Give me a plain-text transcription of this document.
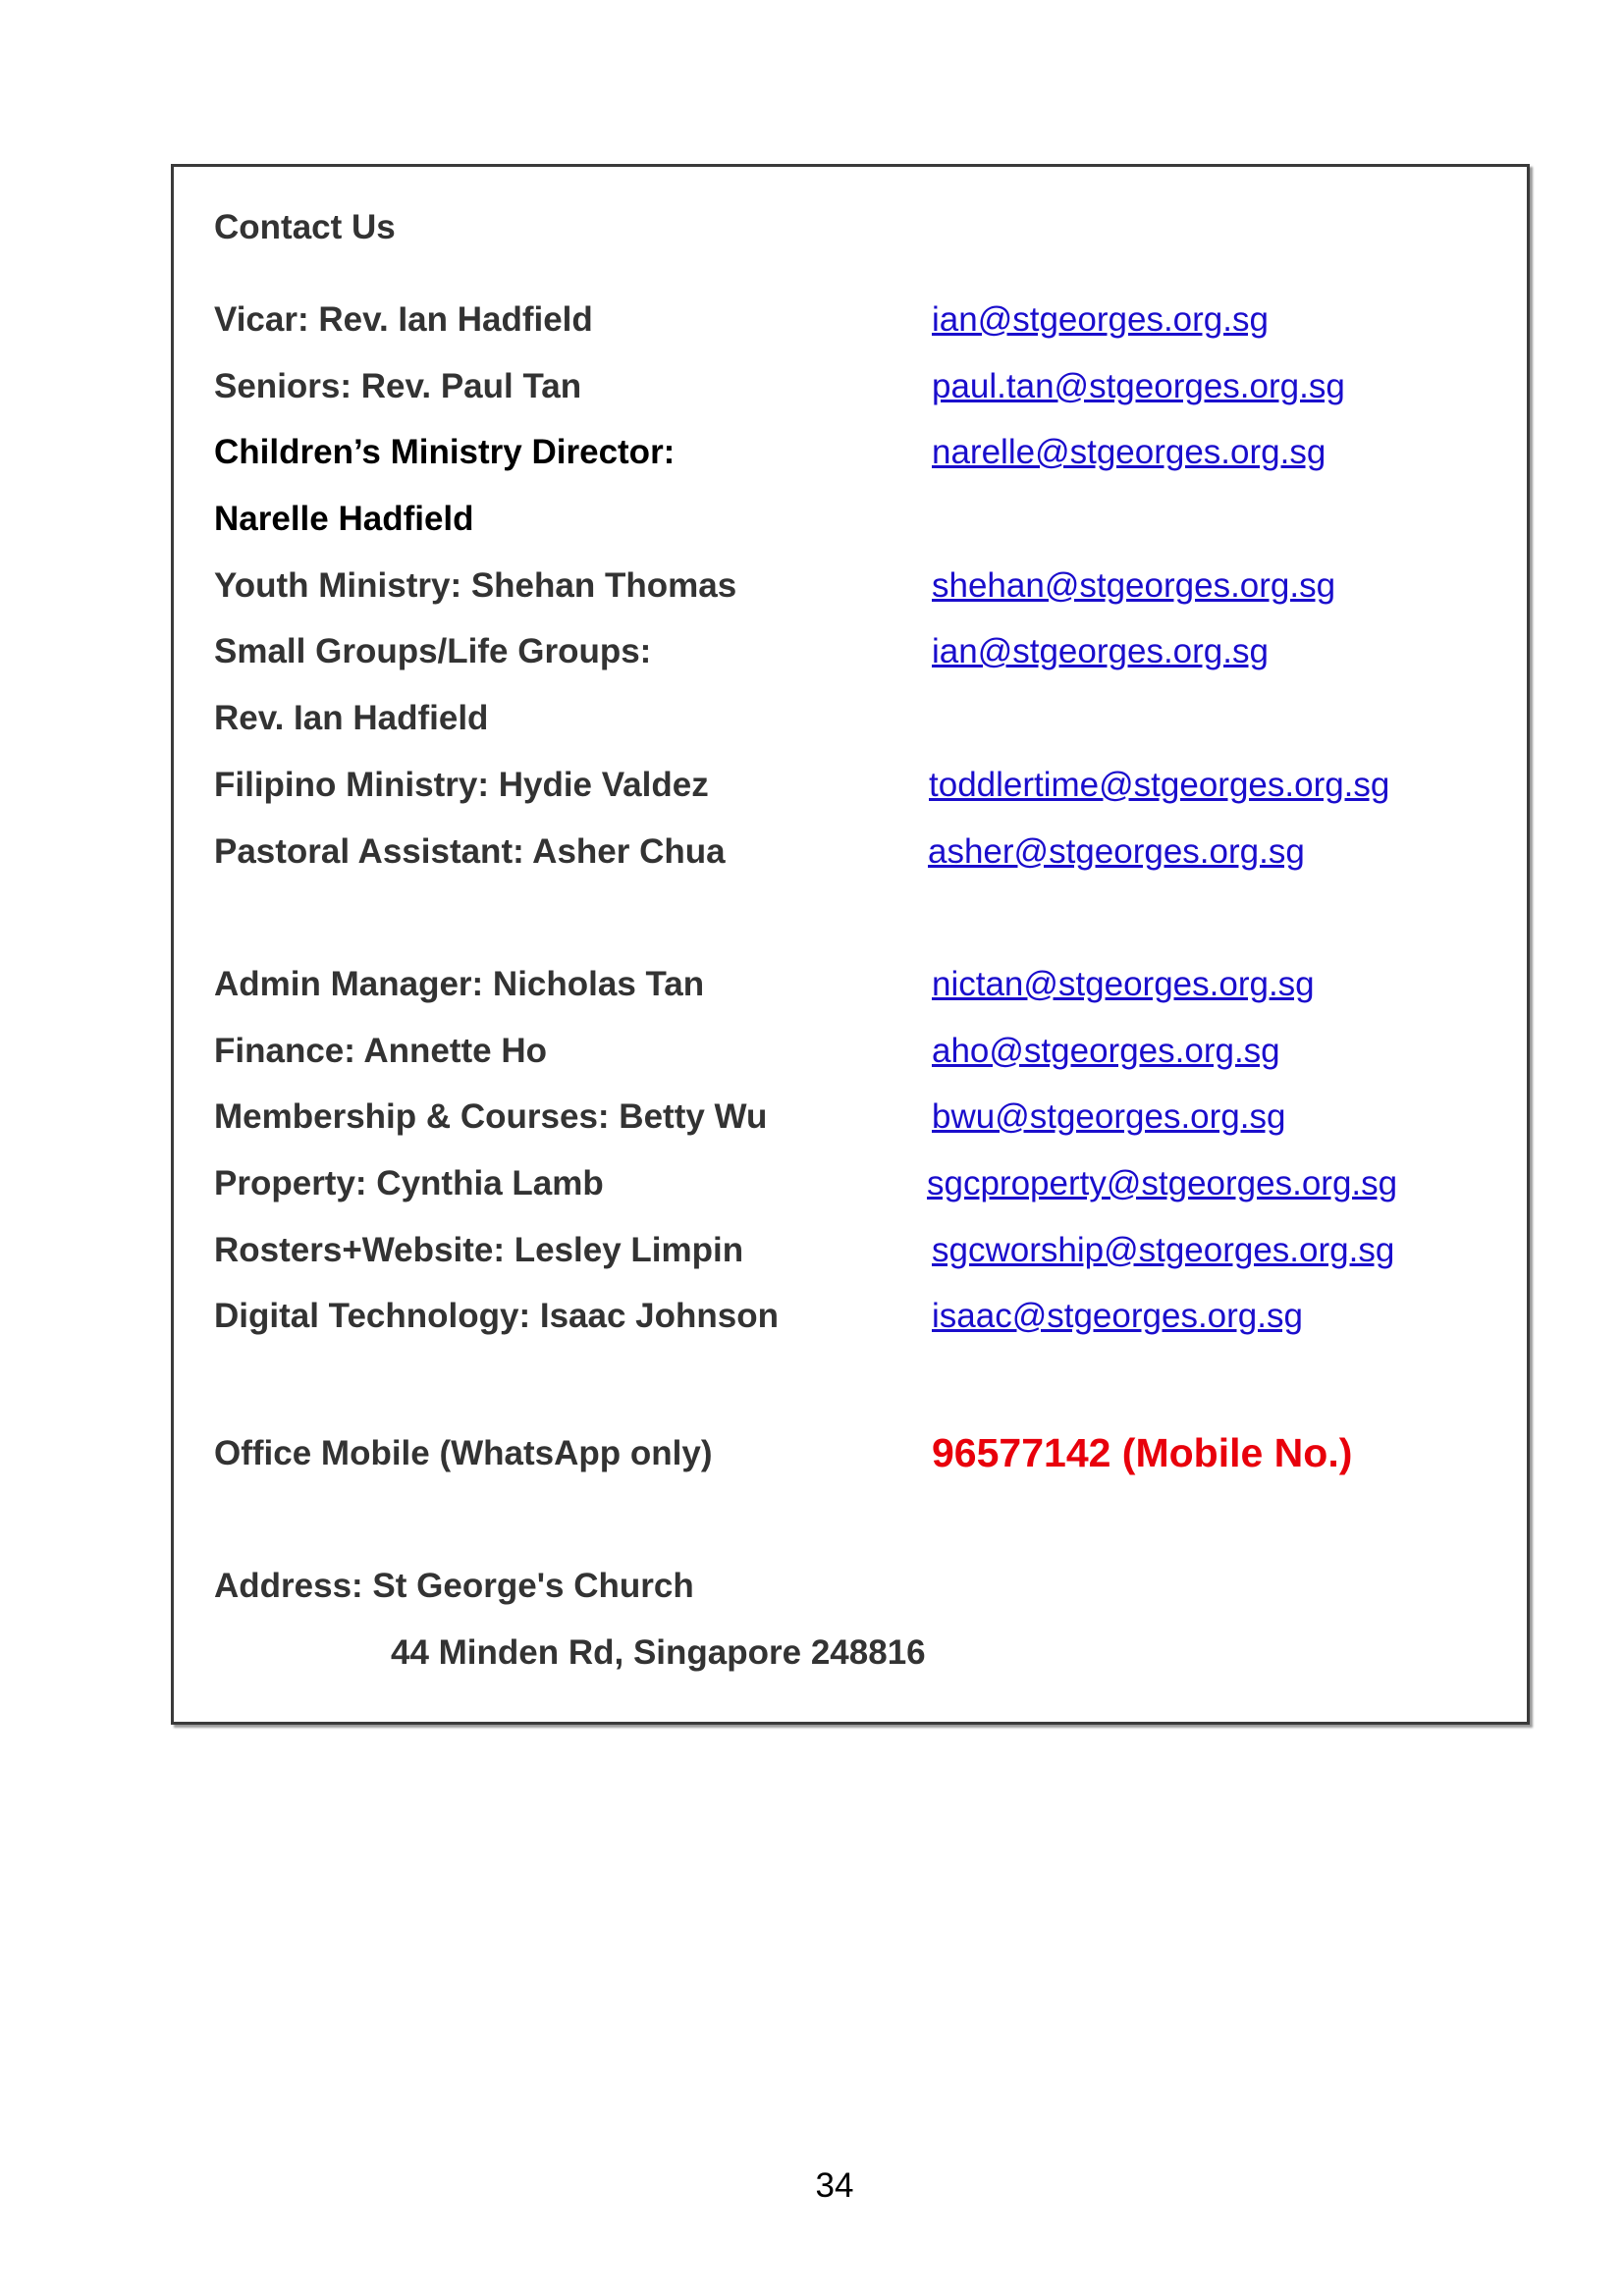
Contact Us
Vicar: Rev. Ian Hadfield	ian@stgeorges.org.sg
Seniors: Rev. Paul Tan	paul.tan@stgeorges.org.sg
Children’s Ministry Director:	narelle@stgeorges.org.sg
Narelle Hadfield
Youth Ministry: Shehan Thomas	shehan@stgeorges.org.sg
Small Groups/Life Groups:	ian@stgeorges.org.sg
Rev. Ian Hadfield
Filipino Ministry: Hydie Valdez	toddlertime@stgeorges.org.sg
Pastoral Assistant: Asher Chua	asher@stgeorges.org.sg
Admin Manager: Nicholas Tan	nictan@stgeorges.org.sg
Finance: Annette Ho	aho@stgeorges.org.sg
Membership & Courses: Betty Wu	bwu@stgeorges.org.sg
Property: Cynthia Lamb	sgcproperty@stgeorges.org.sg
Rosters+Website: Lesley Limpin	sgcworship@stgeorges.org.sg
Digital Technology: Isaac Johnson	isaac@stgeorges.org.sg
Office Mobile (WhatsApp only)	96577142 (Mobile No.)
Address: St George's Church
44 Minden Rd, Singapore 248816
34
